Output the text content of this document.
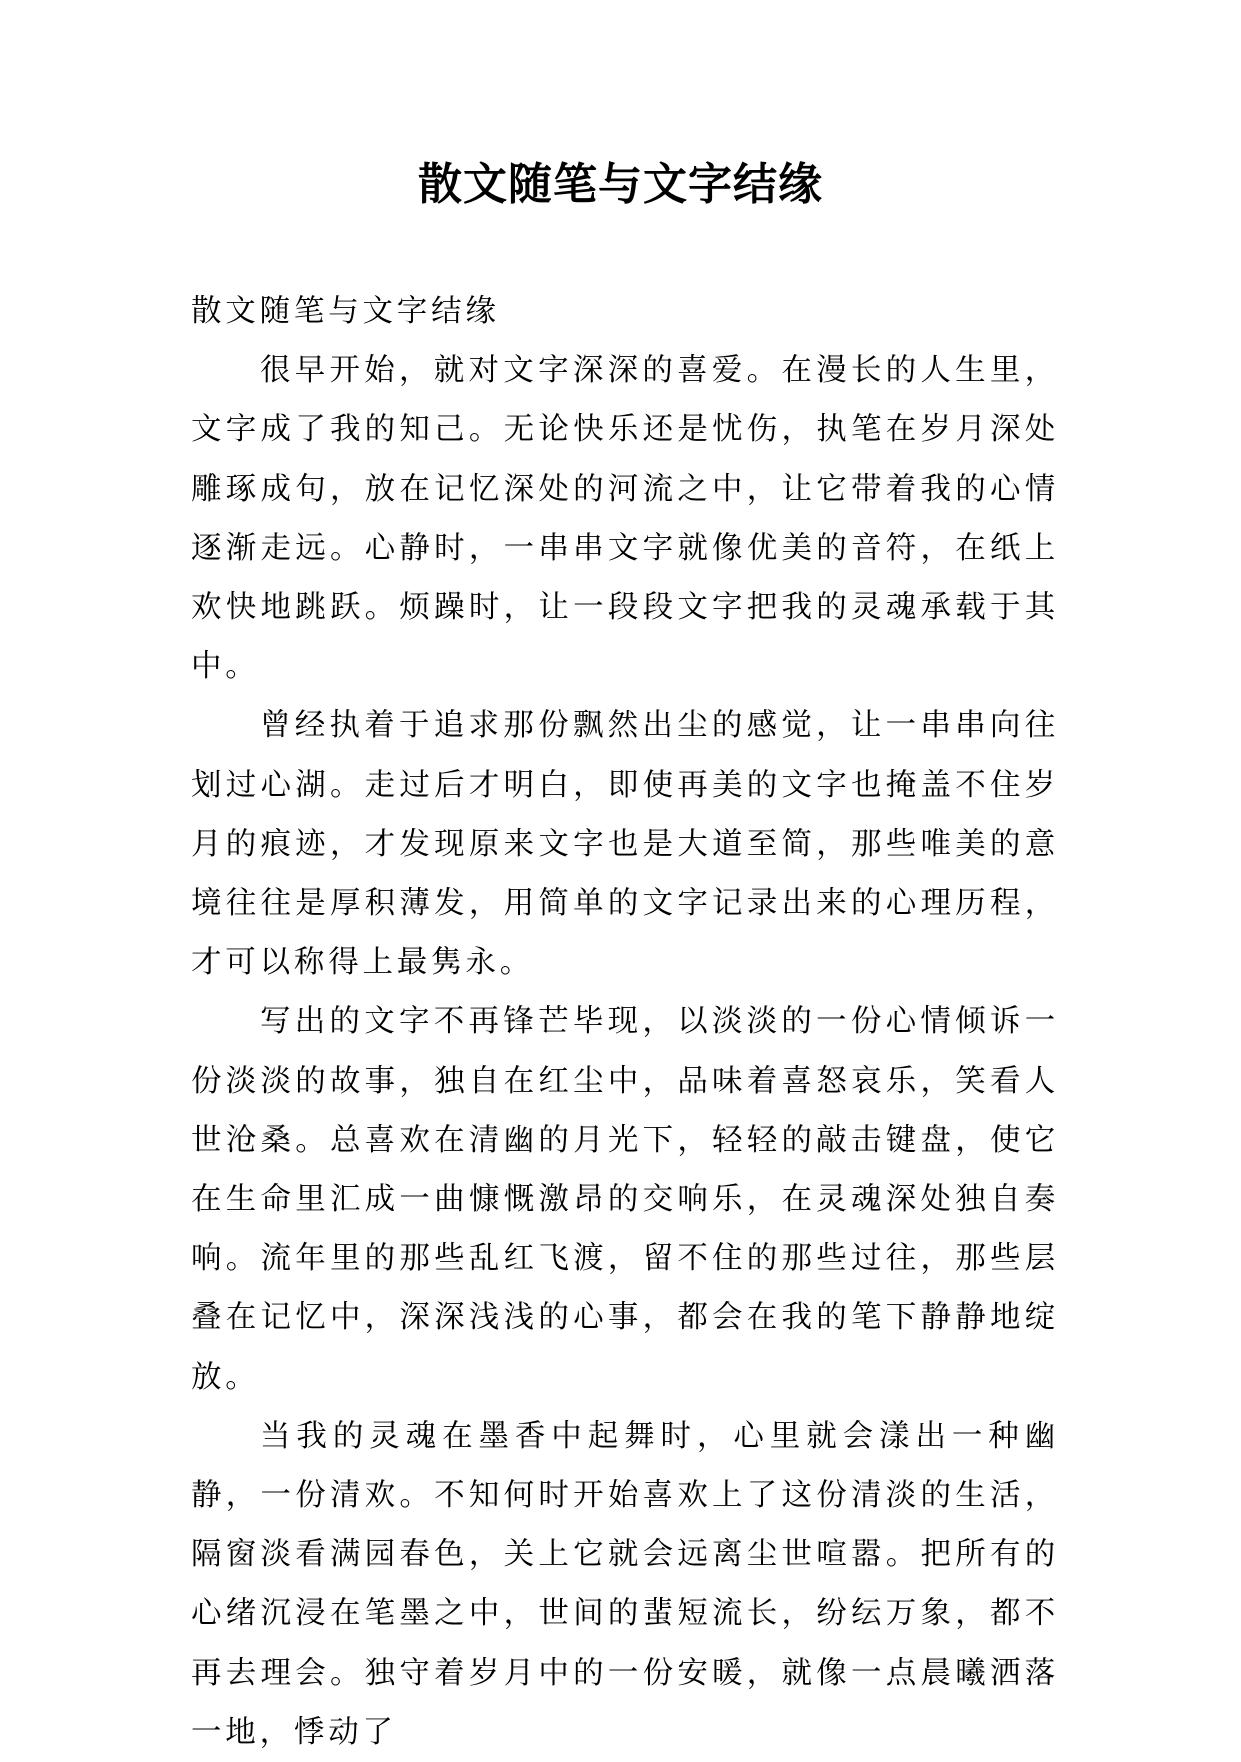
散文随笔与文字结缘

散文随笔与文字结缘

很早开始，就对文字深深的喜爱。在漫长的人生里，文字成了我的知己。无论快乐还是忧伤，执笔在岁月深处雕琢成句，放在记忆深处的河流之中，让它带着我的心情逐渐走远。心静时，一串串文字就像优美的音符，在纸上欢快地跳跃。烦躁时，让一段段文字把我的灵魂承载于其中。

曾经执着于追求那份飘然出尘的感觉，让一串串向往划过心湖。走过后才明白，即使再美的文字也掩盖不住岁月的痕迹，才发现原来文字也是大道至简，那些唯美的意境往往是厚积薄发，用简单的文字记录出来的心理历程，才可以称得上最隽永。

写出的文字不再锋芒毕现，以淡淡的一份心情倾诉一份淡淡的故事，独自在红尘中，品味着喜怒哀乐，笑看人世沧桑。总喜欢在清幽的月光下，轻轻的敲击键盘，使它在生命里汇成一曲慷慨激昂的交响乐，在灵魂深处独自奏响。流年里的那些乱红飞渡，留不住的那些过往，那些层叠在记忆中，深深浅浅的心事，都会在我的笔下静静地绽放。

当我的灵魂在墨香中起舞时，心里就会漾出一种幽静，一份清欢。不知何时开始喜欢上了这份清淡的生活，隔窗淡看满园春色，关上它就会远离尘世喧嚣。把所有的心绪沉浸在笔墨之中，世间的蜚短流长，纷纭万象，都不再去理会。独守着岁月中的一份安暖，就像一点晨曦洒落一地，悸动了
